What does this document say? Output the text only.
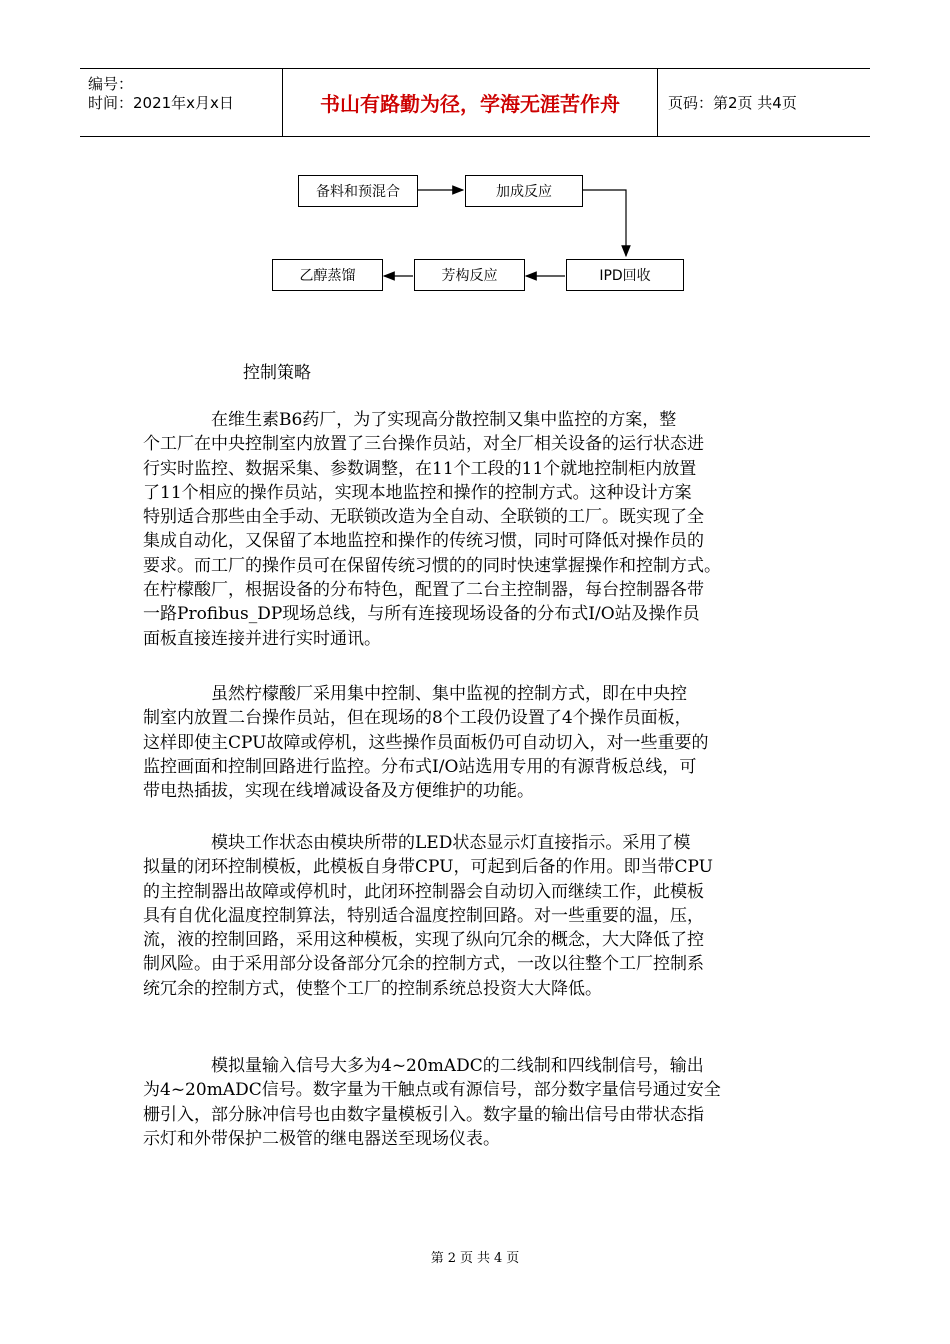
编号：
时间：2021年x月x日	书山有路勤为径，学海无涯苦作舟	页码：第2页 共4页
备料和预混合	加成反应
IPD回收
芳构反应
乙醇蒸馏
控制策略
　　　　在维生素B6药厂，为了实现高分散控制又集中监控的方案，整
个工厂在中央控制室内放置了三台操作员站，对全厂相关设备的运行状态进
行实时监控、数据采集、参数调整，在11个工段的11个就地控制柜内放置
了11个相应的操作员站，实现本地监控和操作的控制方式。这种设计方案
特别适合那些由全手动、无联锁改造为全自动、全联锁的工厂。既实现了全
集成自动化，又保留了本地监控和操作的传统习惯，同时可降低对操作员的
要求。而工厂的操作员可在保留传统习惯的的同时快速掌握操作和控制方式。
在柠檬酸厂，根据设备的分布特色，配置了二台主控制器，每台控制器各带
一路Profibus_DP现场总线，与所有连接现场设备的分布式I/O站及操作员
面板直接连接并进行实时通讯。
　　　　虽然柠檬酸厂采用集中控制、集中监视的控制方式，即在中央控
制室内放置二台操作员站，但在现场的8个工段仍设置了4个操作员面板，
这样即使主CPU故障或停机，这些操作员面板仍可自动切入，对一些重要的
监控画面和控制回路进行监控。分布式I/O站选用专用的有源背板总线，可
带电热插拔，实现在线增减设备及方便维护的功能。
　　　　模块工作状态由模块所带的LED状态显示灯直接指示。采用了模
拟量的闭环控制模板，此模板自身带CPU，可起到后备的作用。即当带CPU
的主控制器出故障或停机时，此闭环控制器会自动切入而继续工作，此模板
具有自优化温度控制算法，特别适合温度控制回路。对一些重要的温，压，
流，液的控制回路，采用这种模板，实现了纵向冗余的概念，大大降低了控
制风险。由于采用部分设备部分冗余的控制方式，一改以往整个工厂控制系
统冗余的控制方式，使整个工厂的控制系统总投资大大降低。
　　　　模拟量输入信号大多为4~20mADC的二线制和四线制信号，输出
为4~20mADC信号。数字量为干触点或有源信号，部分数字量信号通过安全
栅引入，部分脉冲信号也由数字量模板引入。数字量的输出信号由带状态指
示灯和外带保护二极管的继电器送至现场仪表。
第 2 页 共 4 页
